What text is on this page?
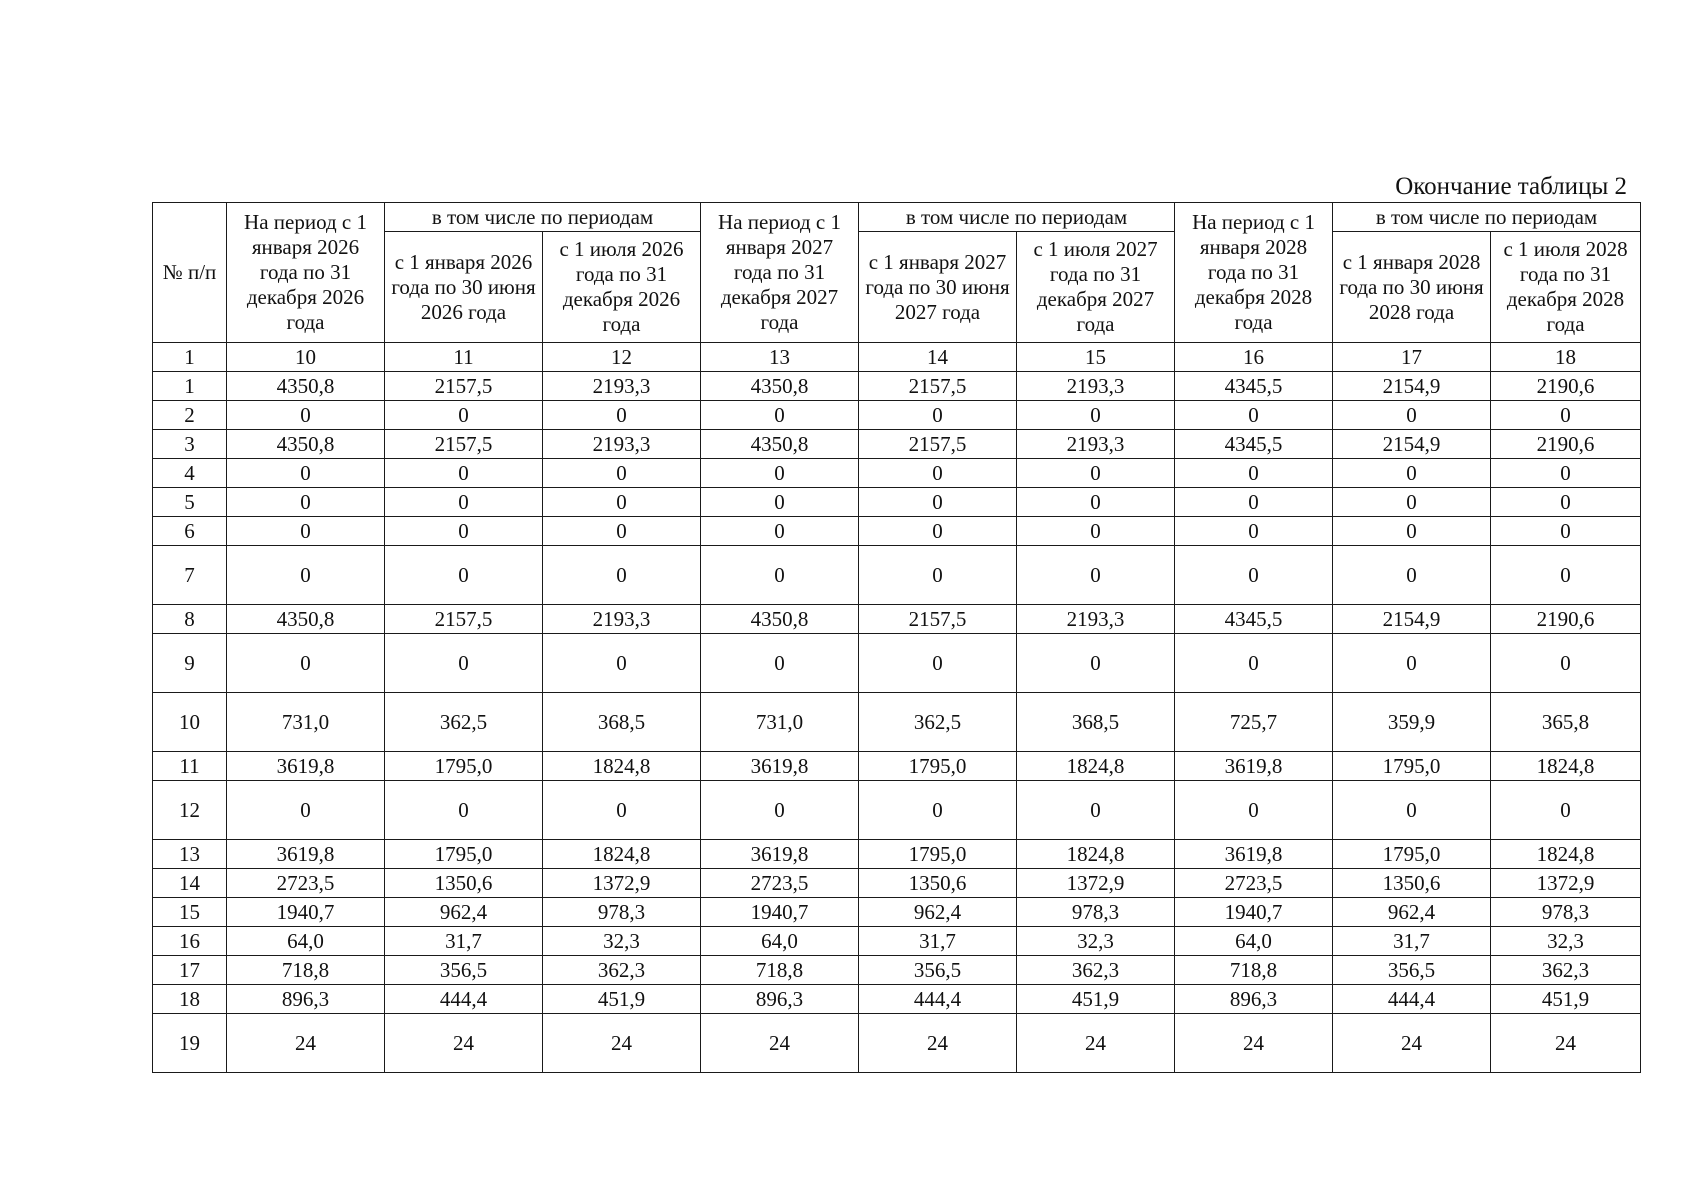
Окончание таблицы 2
№ п/п	На период с 1 января 2026 года по 31 декабря 2026 года	в том числе по периодам		На период с 1 января 2027 года по 31 декабря 2027 года	в том числе по периодам		На период с 1 января 2028 года по 31 декабря 2028 года	в том числе по периодам	
		с 1 января 2026 года по 30 июня 2026 года	с 1 июля 2026 года по 31 декабря 2026 года		с 1 января 2027 года по 30 июня 2027 года	с 1 июля 2027 года по 31 декабря 2027 года		с 1 января 2028 года по 30 июня 2028 года	с 1 июля 2028 года по 31 декабря 2028 года
1	10	11	12	13	14	15	16	17	18
1	4350,8	2157,5	2193,3	4350,8	2157,5	2193,3	4345,5	2154,9	2190,6
2	0	0	0	0	0	0	0	0	0
3	4350,8	2157,5	2193,3	4350,8	2157,5	2193,3	4345,5	2154,9	2190,6
4	0	0	0	0	0	0	0	0	0
5	0	0	0	0	0	0	0	0	0
6	0	0	0	0	0	0	0	0	0
7	0	0	0	0	0	0	0	0	0
8	4350,8	2157,5	2193,3	4350,8	2157,5	2193,3	4345,5	2154,9	2190,6
9	0	0	0	0	0	0	0	0	0
10	731,0	362,5	368,5	731,0	362,5	368,5	725,7	359,9	365,8
11	3619,8	1795,0	1824,8	3619,8	1795,0	1824,8	3619,8	1795,0	1824,8
12	0	0	0	0	0	0	0	0	0
13	3619,8	1795,0	1824,8	3619,8	1795,0	1824,8	3619,8	1795,0	1824,8
14	2723,5	1350,6	1372,9	2723,5	1350,6	1372,9	2723,5	1350,6	1372,9
15	1940,7	962,4	978,3	1940,7	962,4	978,3	1940,7	962,4	978,3
16	64,0	31,7	32,3	64,0	31,7	32,3	64,0	31,7	32,3
17	718,8	356,5	362,3	718,8	356,5	362,3	718,8	356,5	362,3
18	896,3	444,4	451,9	896,3	444,4	451,9	896,3	444,4	451,9
19	24	24	24	24	24	24	24	24	24
